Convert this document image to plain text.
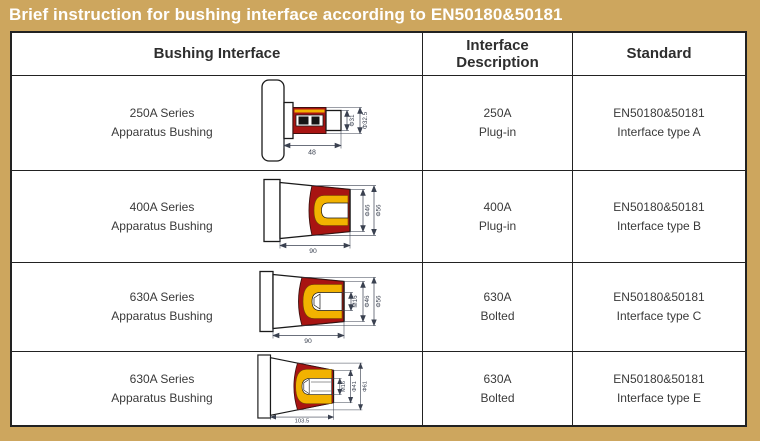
Brief instruction for bushing interface according to EN50180&50181
Bushing Interface
Interface Description
Standard
250A Series
Apparatus Bushing
Φ31 Φ32.5
48
250A
Plug-in
EN50180&50181
Interface type A
400A Series
Apparatus Bushing
Φ46 Φ56
90
400A
Plug-in
EN50180&50181
Interface type B
630A Series
Apparatus Bushing
M16 Φ46 Φ56
90
630A
Bolted
EN50180&50181
Interface type C
630A Series
Apparatus Bushing
M16 Φ41 Φ61
103.5
630A
Bolted
EN50180&50181
Interface type E
